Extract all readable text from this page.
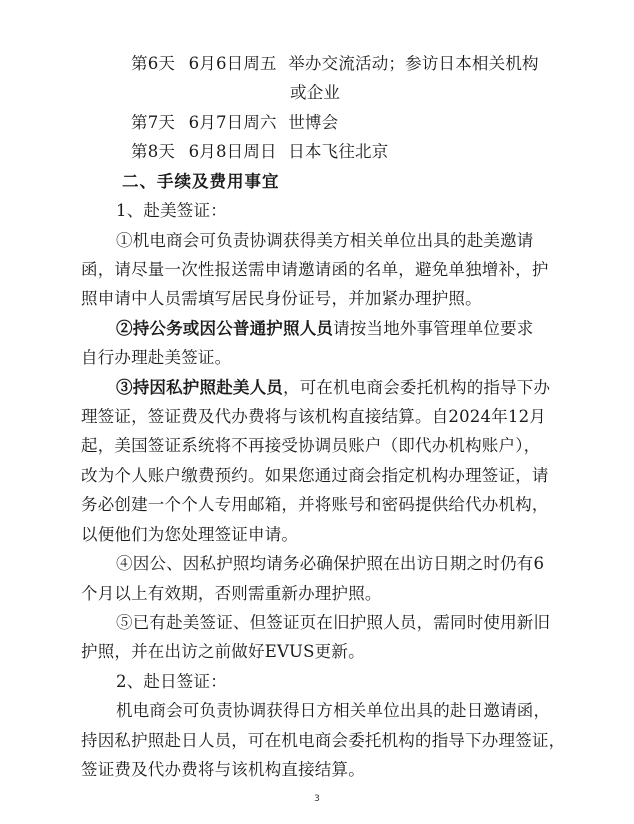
第6天 6月6日周五 举办交流活动；参访日本相关机构
或企业
第7天 6月7日周六 世博会
第8天 6月8日周日 日本飞往北京
二、手续及费用事宜
1、赴美签证：
①机电商会可负责协调获得美方相关单位出具的赴美邀请
函，请尽量一次性报送需申请邀请函的名单，避免单独增补，护
照申请中人员需填写居民身份证号，并加紧办理护照。
②持公务或因公普通护照人员请按当地外事管理单位要求
自行办理赴美签证。
③持因私护照赴美人员，可在机电商会委托机构的指导下办
理签证，签证费及代办费将与该机构直接结算。自2024年12月
起，美国签证系统将不再接受协调员账户（即代办机构账户），
改为个人账户缴费预约。如果您通过商会指定机构办理签证，请
务必创建一个个人专用邮箱，并将账号和密码提供给代办机构，
以便他们为您处理签证申请。
④因公、因私护照均请务必确保护照在出访日期之时仍有6
个月以上有效期，否则需重新办理护照。
⑤已有赴美签证、但签证页在旧护照人员，需同时使用新旧
护照，并在出访之前做好EVUS更新。
2、赴日签证：
机电商会可负责协调获得日方相关单位出具的赴日邀请函，
3
持因私护照赴日人员，可在机电商会委托机构的指导下办理签证，
签证费及代办费将与该机构直接结算。
